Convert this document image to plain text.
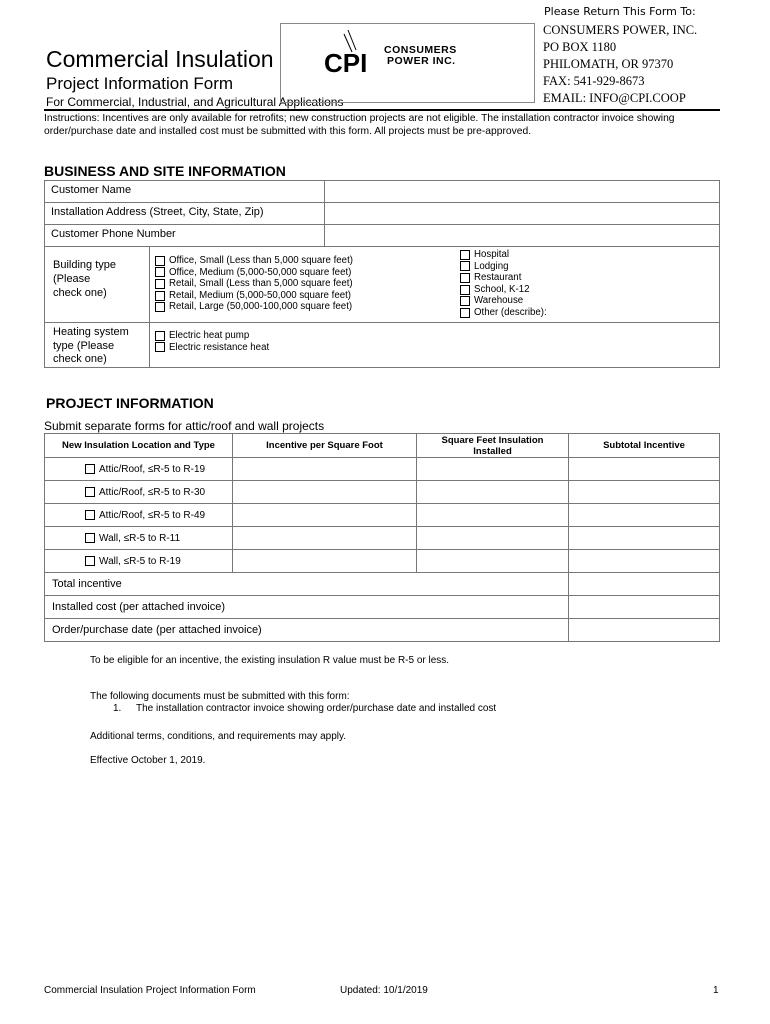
Please Return This Form To:
CONSUMERS POWER, INC.
PO BOX 1180
PHILOMATH, OR 97370
FAX: 541-929-8673
EMAIL: INFO@CPI.COOP
Commercial Insulation
Project Information Form
For Commercial, Industrial, and Agricultural Applications
CPI CONSUMERS
POWER INC.
Instructions: Incentives are only available for retrofits; new construction projects are not eligible. The installation contractor invoice showing order/purchase date and installed cost must be submitted with this form. All projects must be pre-approved.
BUSINESS AND SITE INFORMATION
Customer Name	
Installation Address (Street, City, State, Zip)	
Customer Phone Number	
Building type
(Please
check one)
Office, Small (Less than 5,000 square feet)
Office, Medium (5,000-50,000 square feet)
Retail, Small (Less than 5,000 square feet)
Retail, Medium (5,000-50,000 square feet)
Retail, Large (50,000-100,000 square feet)
Hospital
Lodging
Restaurant
School, K-12
Warehouse
Other (describe):
Heating system
type (Please
check one)
Electric heat pump
Electric resistance heat
PROJECT INFORMATION
Submit separate forms for attic/roof and wall projects
New Insulation Location and Type	Incentive per Square Foot	Square Feet Insulation Installed	Subtotal Incentive

Attic/Roof, ≤R-5 to R-19			

Attic/Roof, ≤R-5 to R-30			

Attic/Roof, ≤R-5 to R-49			

Wall, ≤R-5 to R-11			

Wall, ≤R-5 to R-19			

Total incentive			
Installed cost (per attached invoice)			
Order/purchase date (per attached invoice)			
To be eligible for an incentive, the existing insulation R value must be R-5 or less.
The following documents must be submitted with this form:
1. The installation contractor invoice showing order/purchase date and installed cost
Additional terms, conditions, and requirements may apply.
Effective October 1, 2019.
Commercial Insulation Project Information Form	Updated: 10/1/2019	1
